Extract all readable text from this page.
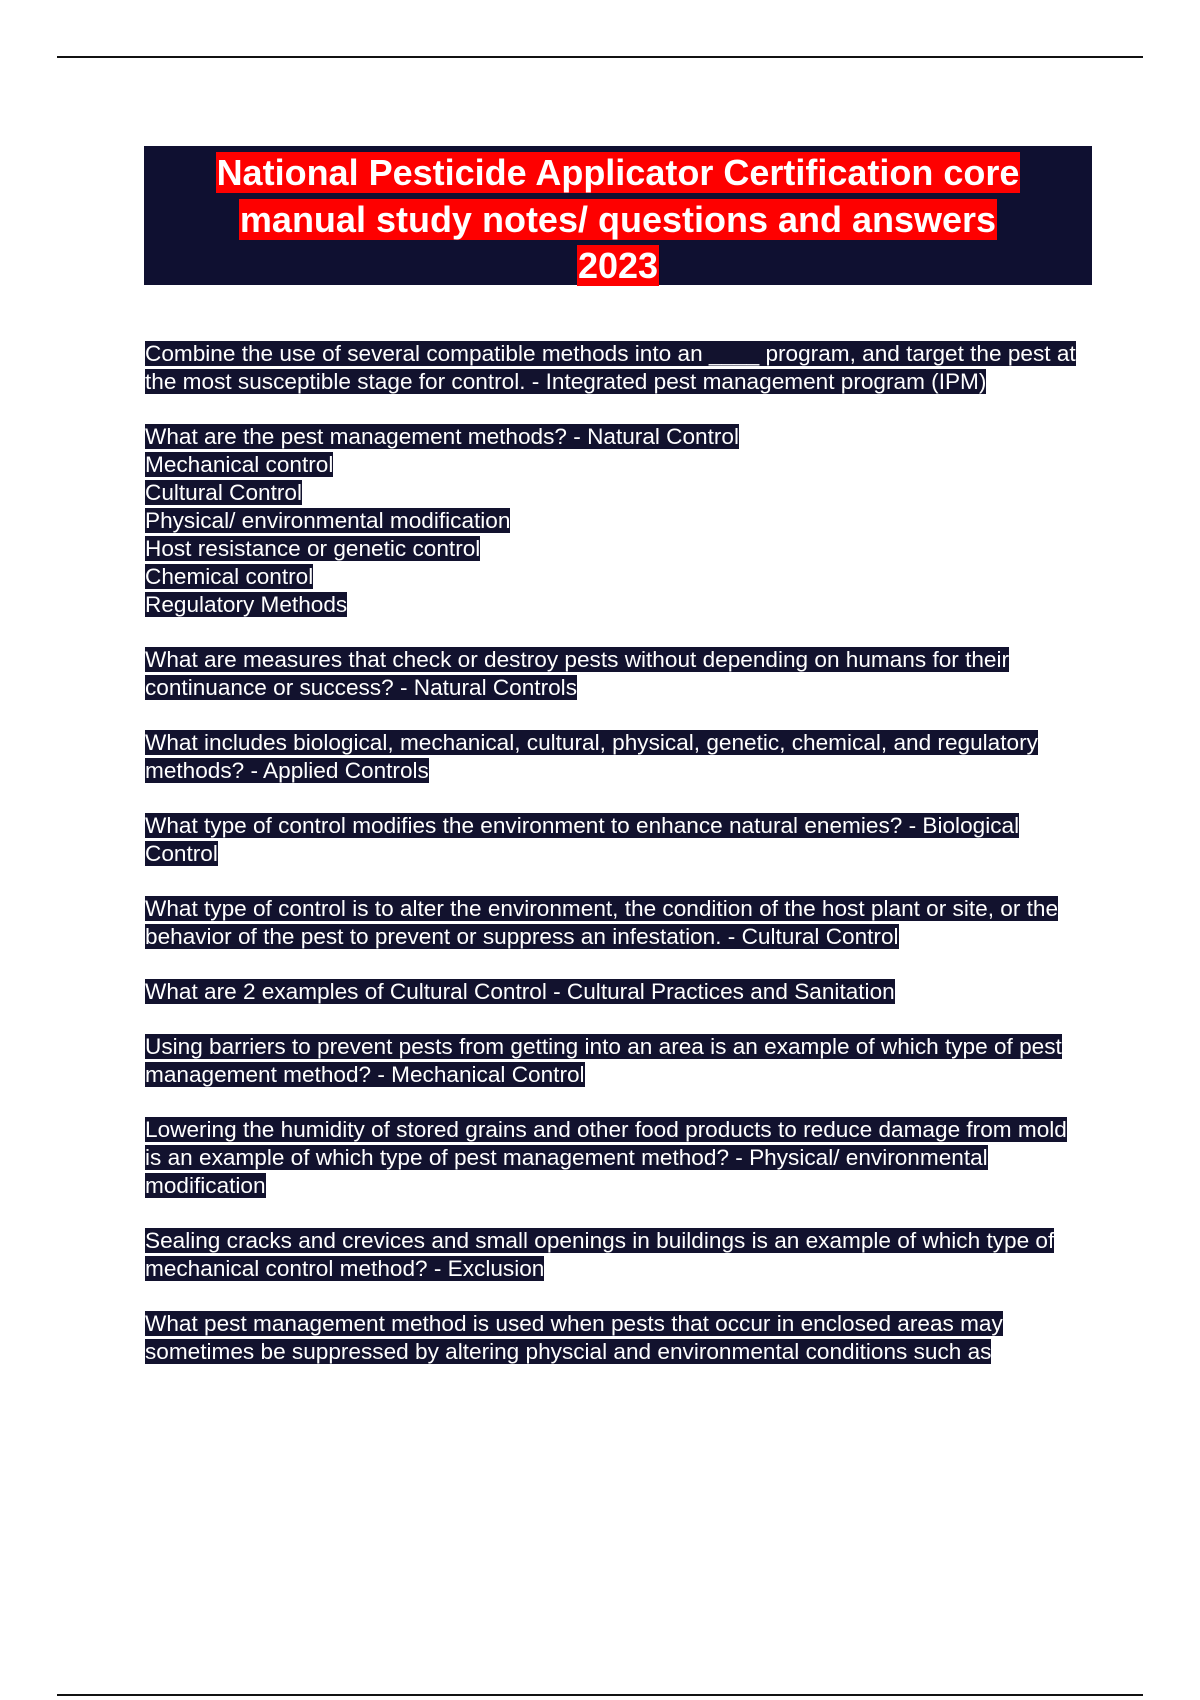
National Pesticide Applicator Certification core
manual study notes/ questions and answers
2023

Combine the use of several compatible methods into an ____ program, and target the pest at the most susceptible stage for control. - Integrated pest management program (IPM)

What are the pest management methods? - Natural Control
Mechanical control
Cultural Control
Physical/ environmental modification
Host resistance or genetic control
Chemical control
Regulatory Methods

What are measures that check or destroy pests without depending on humans for their continuance or success? - Natural Controls

What includes biological, mechanical, cultural, physical, genetic, chemical, and regulatory methods? - Applied Controls

What type of control modifies the environment to enhance natural enemies? - Biological Control

What type of control is to alter the environment, the condition of the host plant or site, or the behavior of the pest to prevent or suppress an infestation. - Cultural Control

What are 2 examples of Cultural Control - Cultural Practices and Sanitation

Using barriers to prevent pests from getting into an area is an example of which type of pest management method? - Mechanical Control

Lowering the humidity of stored grains and other food products to reduce damage from mold is an example of which type of pest management method? - Physical/ environmental modification

Sealing cracks and crevices and small openings in buildings is an example of which type of mechanical control method? - Exclusion

What pest management method is used when pests that occur in enclosed areas may sometimes be suppressed by altering physcial and environmental conditions such as
